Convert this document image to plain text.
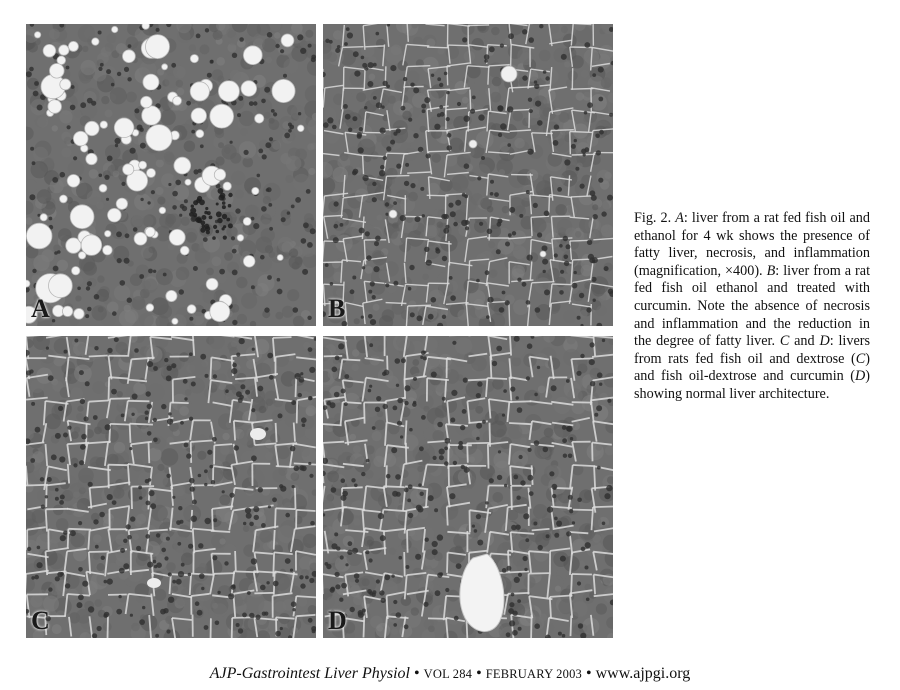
A	B
C	D
Fig. 2. A: liver from a rat fed fish oil and ethanol for 4 wk shows the presence of fatty liver, necrosis, and inflammation (magnification, ×400). B: liver from a rat fed fish oil ethanol and treated with curcumin. Note the absence of necrosis and inflammation and the reduction in the degree of fatty liver. C and D: livers from rats fed fish oil and dextrose (C) and fish oil-dextrose and curcumin (D) showing normal liver architecture.
AJP-Gastrointest Liver Physiol • VOL 284 • FEBRUARY 2003 • www.ajpgi.org
